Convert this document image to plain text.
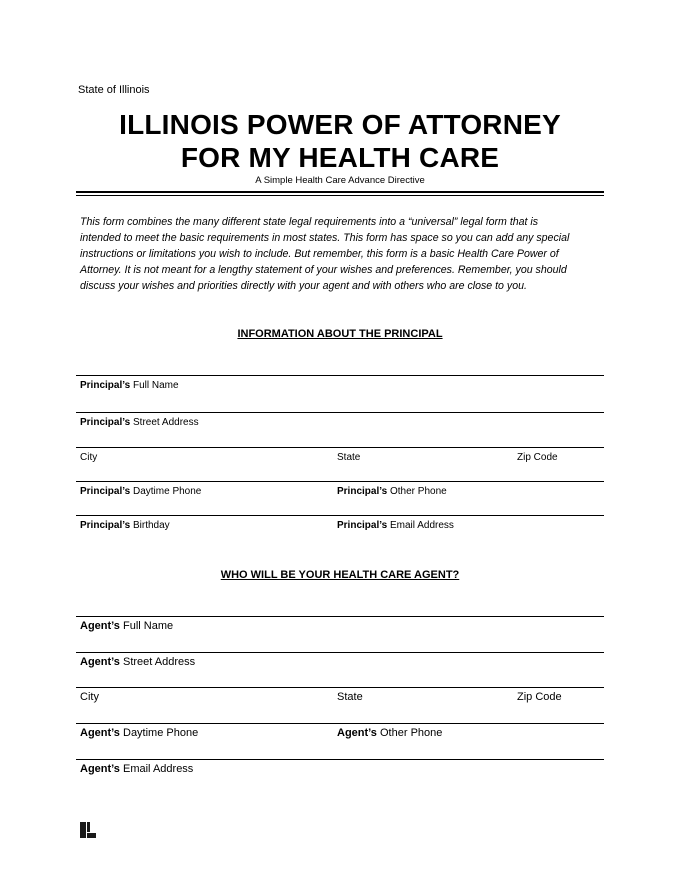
State of Illinois
ILLINOIS POWER OF ATTORNEY
FOR MY HEALTH CARE
A Simple Health Care Advance Directive
This form combines the many different state legal requirements into a “universal” legal form that is
intended to meet the basic requirements in most states. This form has space so you can add any special
instructions or limitations you wish to include. But remember, this form is a basic Health Care Power of
Attorney. It is not meant for a lengthy statement of your wishes and preferences. Remember, you should
discuss your wishes and priorities directly with your agent and with others who are close to you.
INFORMATION ABOUT THE PRINCIPAL
Principal’s Full Name
Principal’s Street Address
City	State	Zip Code
Principal’s Daytime Phone	Principal’s Other Phone
Principal’s Birthday	Principal’s Email Address
WHO WILL BE YOUR HEALTH CARE AGENT?
Agent’s Full Name
Agent’s Street Address
City	State	Zip Code
Agent’s Daytime Phone	Agent’s Other Phone
Agent’s Email Address
